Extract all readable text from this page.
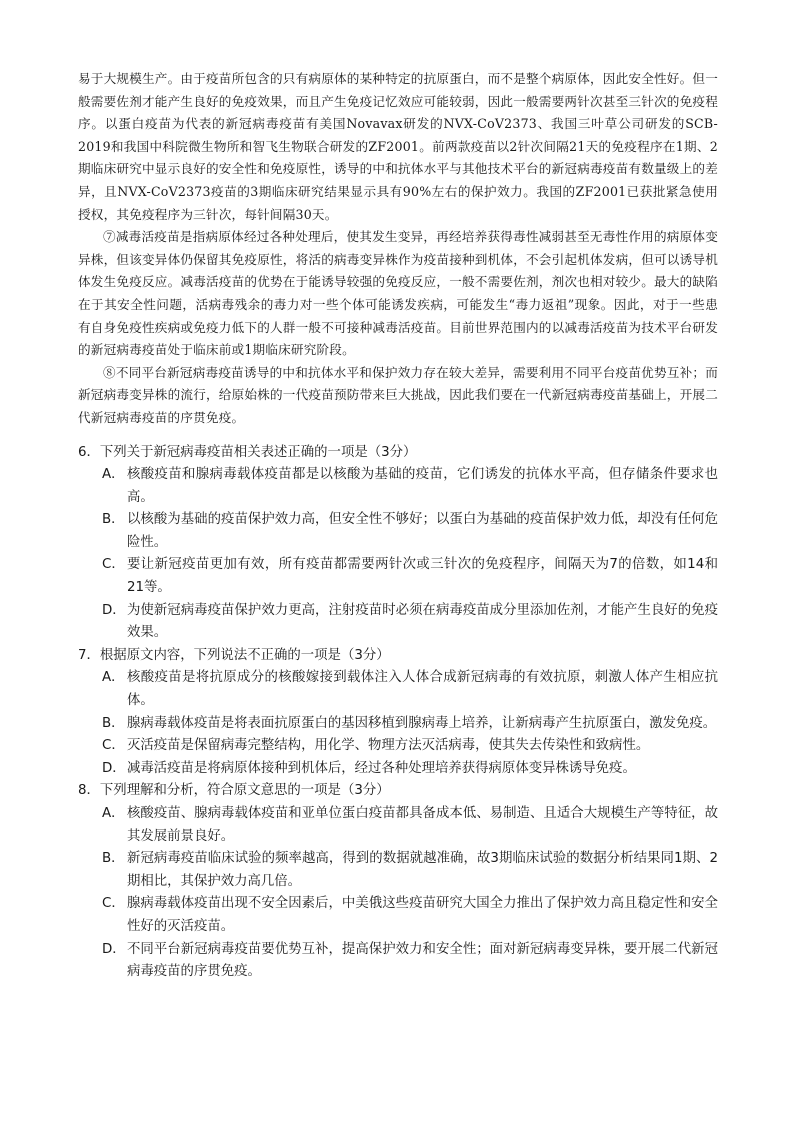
易于大规模生产。由于疫苗所包含的只有病原体的某种特定的抗原蛋白，而不是整个病原体，因此安全性好。但一般需要佐剂才能产生良好的免疫效果，而且产生免疫记忆效应可能较弱，因此一般需要两针次甚至三针次的免疫程序。以蛋白疫苗为代表的新冠病毒疫苗有美国Novavax研发的NVX-CoV2373、我国三叶草公司研发的SCB-2019和我国中科院微生物所和智飞生物联合研发的ZF2001。前两款疫苗以2针次间隔21天的免疫程序在1期、2期临床研究中显示良好的安全性和免疫原性，诱导的中和抗体水平与其他技术平台的新冠病毒疫苗有数量级上的差异，且NVX-CoV2373疫苗的3期临床研究结果显示具有90%左右的保护效力。我国的ZF2001已获批紧急使用授权，其免疫程序为三针次，每针间隔30天。

⑦减毒活疫苗是指病原体经过各种处理后，使其发生变异，再经培养获得毒性减弱甚至无毒性作用的病原体变异株，但该变异体仍保留其免疫原性，将活的病毒变异株作为疫苗接种到机体，不会引起机体发病，但可以诱导机体发生免疫反应。减毒活疫苗的优势在于能诱导较强的免疫反应，一般不需要佐剂，剂次也相对较少。最大的缺陷在于其安全性问题，活病毒残余的毒力对一些个体可能诱发疾病，可能发生“毒力返祖”现象。因此，对于一些患有自身免疫性疾病或免疫力低下的人群一般不可接种减毒活疫苗。目前世界范围内的以减毒活疫苗为技术平台研发的新冠病毒疫苗处于临床前或1期临床研究阶段。

⑧不同平台新冠病毒疫苗诱导的中和抗体水平和保护效力存在较大差异，需要利用不同平台疫苗优势互补；而新冠病毒变异株的流行，给原始株的一代疫苗预防带来巨大挑战，因此我们要在一代新冠病毒疫苗基础上，开展二代新冠病毒疫苗的序贯免疫。

6．下列关于新冠病毒疫苗相关表述正确的一项是（3分）

A． 核酸疫苗和腺病毒载体疫苗都是以核酸为基础的疫苗，它们诱发的抗体水平高，但存储条件要求也高。

B． 以核酸为基础的疫苗保护效力高，但安全性不够好；以蛋白为基础的疫苗保护效力低，却没有任何危险性。

C． 要让新冠疫苗更加有效，所有疫苗都需要两针次或三针次的免疫程序，间隔天为7的倍数，如14和21等。

D． 为使新冠病毒疫苗保护效力更高，注射疫苗时必须在病毒疫苗成分里添加佐剂，才能产生良好的免疫效果。

7．根据原文内容，下列说法不正确的一项是（3分）

A． 核酸疫苗是将抗原成分的核酸嫁接到载体注入人体合成新冠病毒的有效抗原，刺激人体产生相应抗体。

B． 腺病毒载体疫苗是将表面抗原蛋白的基因移植到腺病毒上培养，让新病毒产生抗原蛋白，激发免疫。

C． 灭活疫苗是保留病毒完整结构，用化学、物理方法灭活病毒，使其失去传染性和致病性。

D． 减毒活疫苗是将病原体接种到机体后，经过各种处理培养获得病原体变异株诱导免疫。

8．下列理解和分析，符合原文意思的一项是（3分）

A． 核酸疫苗、腺病毒载体疫苗和亚单位蛋白疫苗都具备成本低、易制造、且适合大规模生产等特征，故其发展前景良好。

B． 新冠病毒疫苗临床试验的频率越高，得到的数据就越准确，故3期临床试验的数据分析结果同1期、2期相比，其保护效力高几倍。

C． 腺病毒载体疫苗出现不安全因素后，中美俄这些疫苗研究大国全力推出了保护效力高且稳定性和安全性好的灭活疫苗。

D． 不同平台新冠病毒疫苗要优势互补，提高保护效力和安全性；面对新冠病毒变异株，要开展二代新冠病毒疫苗的序贯免疫。
